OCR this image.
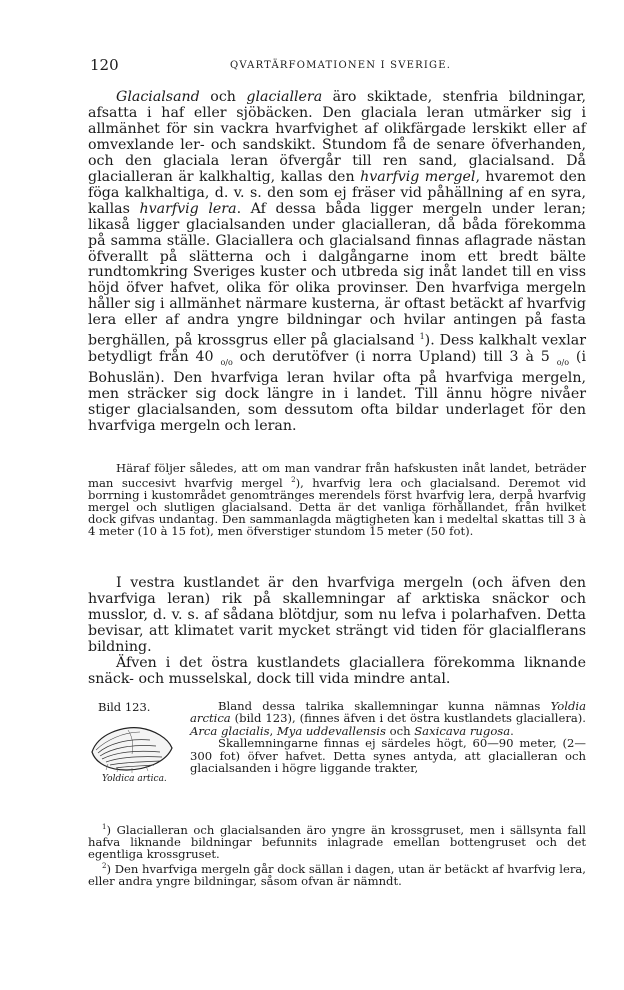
120	QVARTÄRFOMATIONEN I SVERIGE.

Glacialsand och glaciallera äro skiktade, stenfria bildningar, afsatta i haf eller sjöbäcken. Den glaciala leran utmärker sig i allmänhet för sin vackra hvarfvighet af olikfärgade lerskikt eller af omvexlande ler- och sandskikt. Stundom få de senare öfverhanden, och den glaciala leran öfvergår till ren sand, glacialsand. Då glacialleran är kalkhaltig, kallas den hvarfvig mergel, hvaremot den föga kalkhaltiga, d. v. s. den som ej fräser vid påhällning af en syra, kallas hvarfvig lera. Af dessa båda ligger mergeln under leran; likaså ligger glacialsanden under glacialleran, då båda förekomma på samma ställe. Glaciallera och glacialsand finnas aflagrade nästan öfverallt på slätterna och i dalgångarne inom ett bredt bälte rundtomkring Sveriges kuster och utbreda sig inåt landet till en viss höjd öfver hafvet, olika för olika provinser. Den hvarfviga mergeln håller sig i allmänhet närmare kusterna, är oftast betäckt af hvarfvig lera eller af andra yngre bildningar och hvilar antingen på fasta berghällen, på krossgrus eller på glacialsand $^1$). Dess kalkhalt vexlar betydligt från 40 $_{o/o}$ och derutöfver (i norra Upland) till 3 à 5 $_{o/o}$ (i Bohuslän). Den hvarfviga leran hvilar ofta på hvarfviga mergeln, men sträcker sig dock längre in i landet. Till ännu högre nivåer stiger glacialsanden, som dessutom ofta bildar underlaget för den hvarfviga mergeln och leran.

Häraf följer således, att om man vandrar från hafskusten inåt landet, beträder man succesivt hvarfvig mergel $^2$), hvarfvig lera och glacialsand. Deremot vid borrning i kustområdet genomtränges merendels först hvarfvig lera, derpå hvarfvig mergel och slutligen glacialsand. Detta är det vanliga förhållandet, från hvilket dock gifvas undantag. Den sammanlagda mägtigheten kan i medeltal skattas till 3 à 4 meter (10 à 15 fot), men öfverstiger stundom 15 meter (50 fot).

I vestra kustlandet är den hvarfviga mergeln (och äfven den hvarfviga leran) rik på skallemningar af arktiska snäckor och musslor, d. v. s. af sådana blötdjur, som nu lefva i polarhafven. Detta bevisar, att klimatet varit mycket strängt vid tiden för glacialflerans bildning.

Äfven i det östra kustlandets glaciallera förekomma liknande snäck- och musselskal, dock till vida mindre antal.

Bild 123.
Yoldica artica.

Bland dessa talrika skallemningar kunna nämnas Yoldia arctica (bild 123), (finnes äfven i det östra kustlandets glaciallera). Arca glacialis, Mya uddevallensis och Saxicava rugosa.

Skallemningarne finnas ej särdeles högt, 60—90 meter, (2—300 fot) öfver hafvet. Detta synes antyda, att glacialleran och glacialsanden i högre liggande trakter,

$^1$) Glacialleran och glacialsanden äro yngre än krossgruset, men i sällsynta fall hafva liknande bildningar befunnits inlagrade emellan bottengruset och det egentliga krossgruset.

$^2$) Den hvarfviga mergeln går dock sällan i dagen, utan är betäckt af hvarfvig lera, eller andra yngre bildningar, såsom ofvan är nämndt.
